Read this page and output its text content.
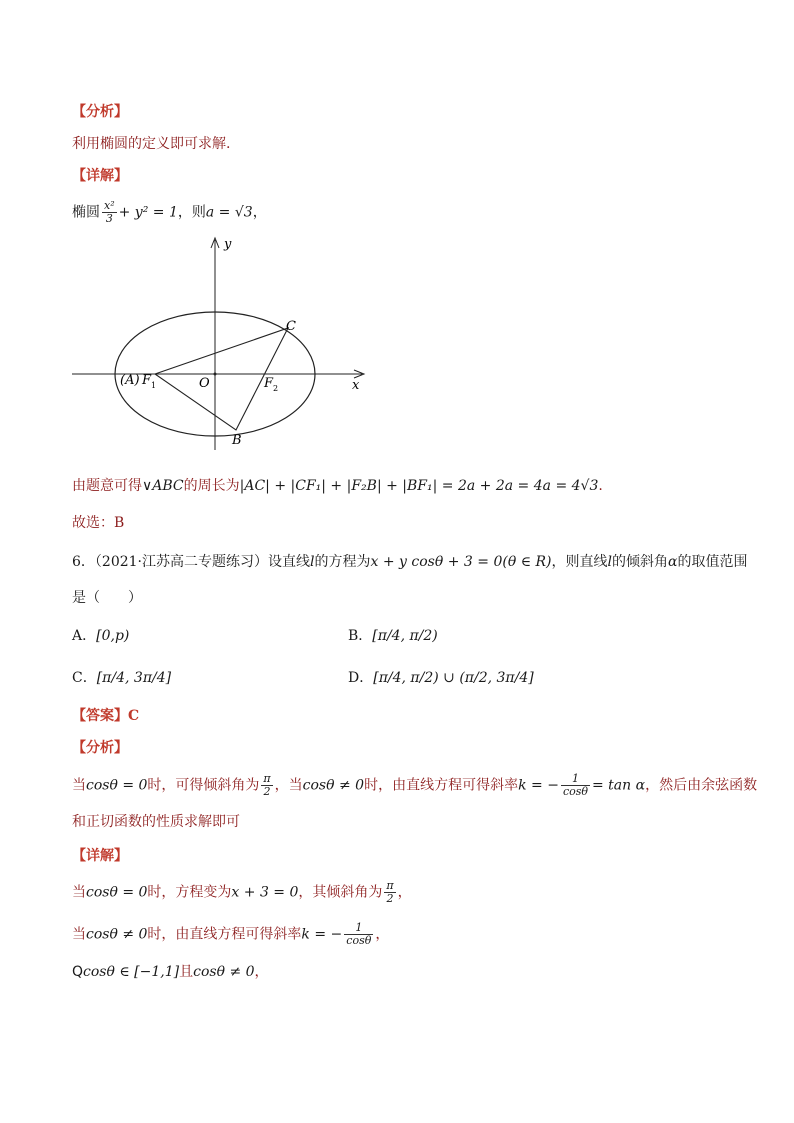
【分析】
利用椭圆的定义即可求解.
【详解】
椭圆 $\frac{\text{x²}}{3} + y^2 = 1$，则a = √3，
y
x
O
(A) F 1	F 2
B
C
由题意可得∨ABC的周长为|AC| + |CF₁| + |F₂B| + |BF₁| = 2a + 2a = 4a = 4√3.
故选：B
6．（2021·江苏高二专题练习）设直线l的方程为x + y cosθ + 3 = 0(θ ∈ R)，则直线l的倾斜角α的取值范围
是（　　）
A．[0,p)	B．[π/4, π/2)
C．[π/4, 3π/4]	D．[π/4, π/2) ∪ (π/2, 3π/4]
【答案】C
【分析】
当cosθ = 0时，可得倾斜角为 $\frac{\pi}{2}$ ，当cosθ ≠ 0时，由直线方程可得斜率k = − $\frac{1}{\cos\theta} = \tan \alpha$，然后由余弦函数
和正切函数的性质求解即可
【详解】
当cosθ = 0时，方程变为x + 3 = 0，其倾斜角为 $\frac{\pi}{2}$ ，
当cosθ ≠ 0时，由直线方程可得斜率k = − $\frac{1}{\cos\theta}$ ，
Qcosθ ∈ [−1,1]且cosθ ≠ 0，
